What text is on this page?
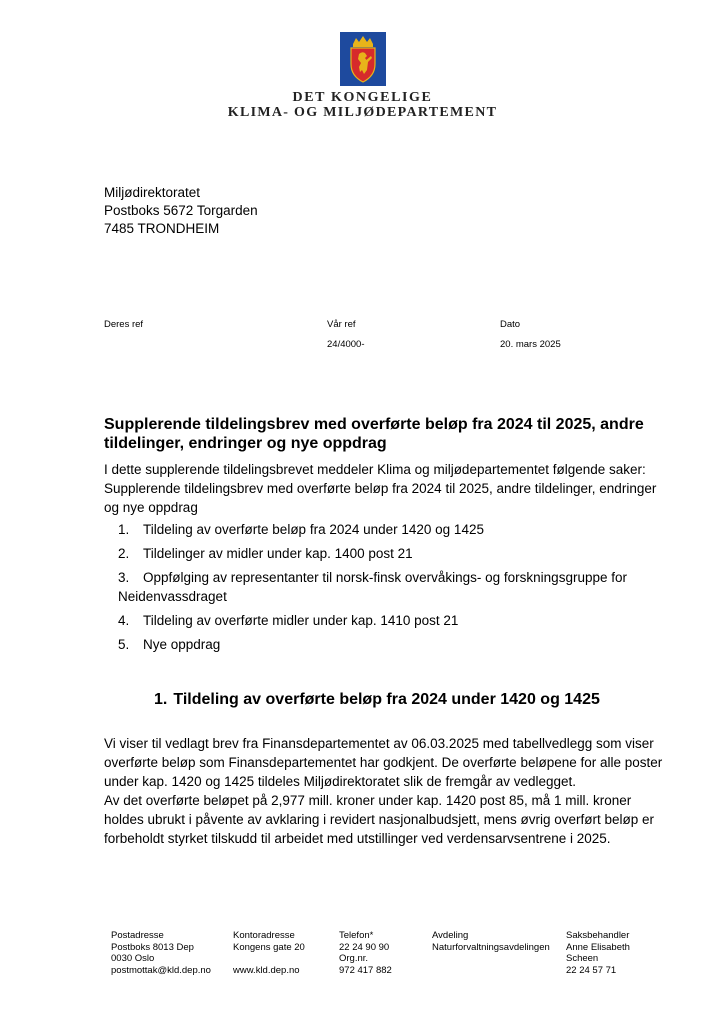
DET KONGELIGE
KLIMA- OG MILJØDEPARTEMENT
Miljødirektoratet
Postboks 5672 Torgarden
7485 TRONDHEIM
Deres ref	Vår ref
24/4000-
Dato
20. mars 2025
Supplerende tildelingsbrev med overførte beløp fra 2024 til 2025, andre tildelinger, endringer og nye oppdrag
I dette supplerende tildelingsbrevet meddeler Klima og miljødepartementet følgende saker:
Supplerende tildelingsbrev med overførte beløp fra 2024 til 2025, andre tildelinger, endringer og nye oppdrag
1. Tildeling av overførte beløp fra 2024 under 1420 og 1425
2. Tildelinger av midler under kap. 1400 post 21
3. Oppfølging av representanter til norsk-finsk overvåkings- og forskningsgruppe for Neidenvassdraget
4. Tildeling av overførte midler under kap. 1410 post 21
5. Nye oppdrag
1. Tildeling av overførte beløp fra 2024 under 1420 og 1425
Vi viser til vedlagt brev fra Finansdepartementet av 06.03.2025 med tabellvedlegg som viser overførte beløp som Finansdepartementet har godkjent. De overførte beløpene for alle poster under kap. 1420 og 1425 tildeles Miljødirektoratet slik de fremgår av vedlegget.
Av det overførte beløpet på 2,977 mill. kroner under kap. 1420 post 85, må 1 mill. kroner holdes ubrukt i påvente av avklaring i revidert nasjonalbudsjett, mens øvrig overført beløp er forbeholdt styrket tilskudd til arbeidet med utstillinger ved verdensarvsentrene i 2025.
Postadresse
Postboks 8013 Dep
0030 Oslo
postmottak@kld.dep.no
Kontoradresse
Kongens gate 20

www.kld.dep.no
Telefon*
22 24 90 90
Org.nr.
972 417 882
Avdeling
Naturforvaltningsavdelingen
Saksbehandler
Anne Elisabeth
Scheen
22 24 57 71
